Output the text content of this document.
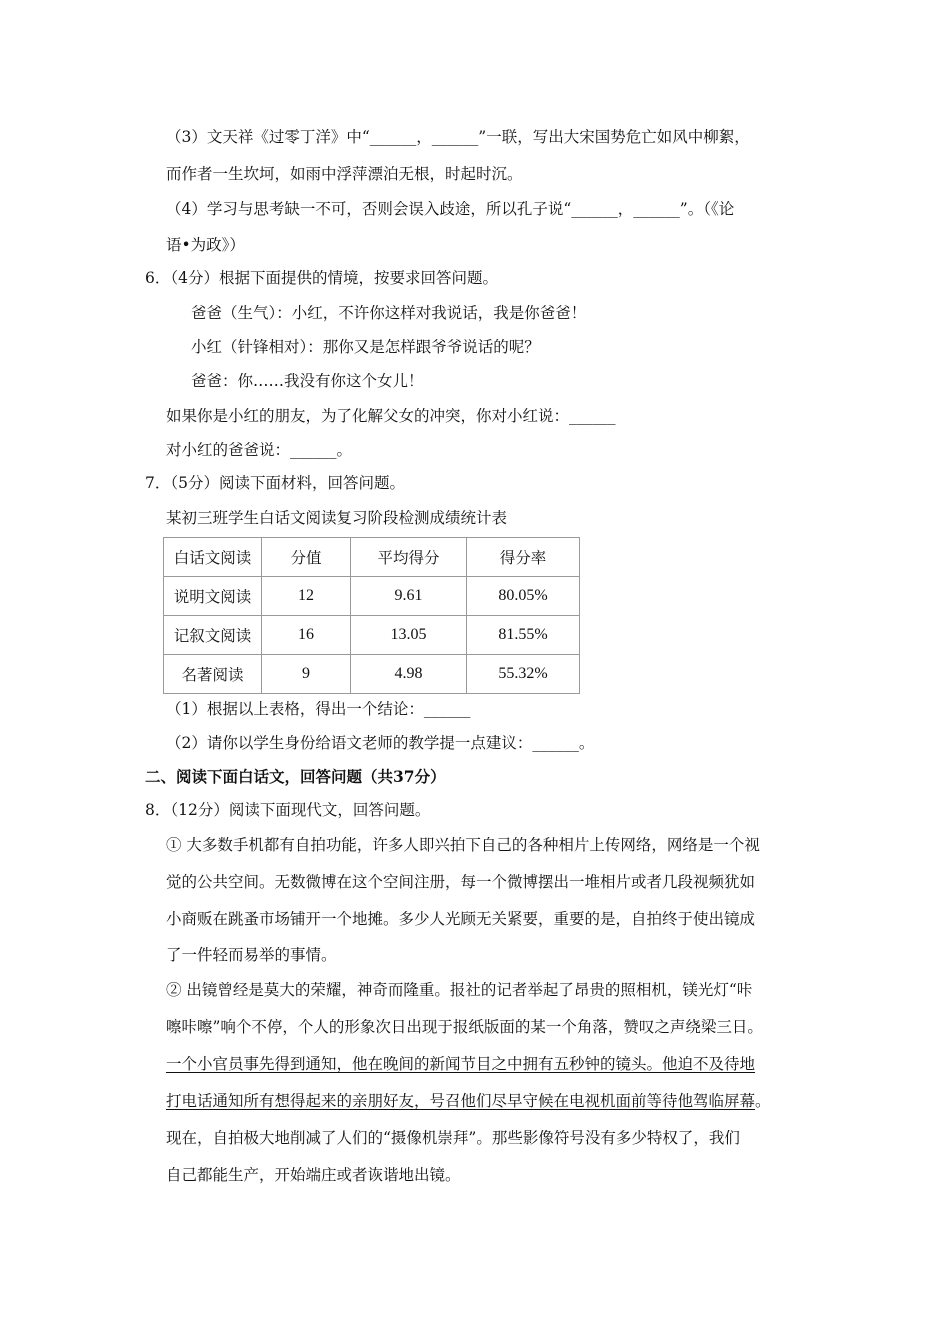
（3）文天祥《过零丁洋》中“______，______”一联，写出大宋国势危亡如风中柳絮，
而作者一生坎坷，如雨中浮萍漂泊无根，时起时沉。
（4）学习与思考缺一不可，否则会误入歧途，所以孔子说“______，______”。（《论
语•为政》）
6．（4分）根据下面提供的情境，按要求回答问题。
爸爸（生气）：小红，不许你这样对我说话，我是你爸爸！
小红（针锋相对）：那你又是怎样跟爷爷说话的呢？
爸爸：你……我没有你这个女儿！
如果你是小红的朋友，为了化解父女的冲突，你对小红说：______
对小红的爸爸说：______。
7．（5分）阅读下面材料，回答问题。
某初三班学生白话文阅读复习阶段检测成绩统计表
白话文阅读	分值	平均得分	得分率
说明文阅读	12	9.61	80.05%
记叙文阅读	16	13.05	81.55%
名著阅读	9	4.98	55.32%
（1）根据以上表格，得出一个结论：______
（2）请你以学生身份给语文老师的教学提一点建议：______。
二、阅读下面白话文，回答问题（共37分）
8．（12分）阅读下面现代文，回答问题。
① 大多数手机都有自拍功能，许多人即兴拍下自己的各种相片上传网络，网络是一个视
觉的公共空间。无数微博在这个空间注册，每一个微博摆出一堆相片或者几段视频犹如
小商贩在跳蚤市场铺开一个地摊。多少人光顾无关紧要，重要的是，自拍终于使出镜成
了一件轻而易举的事情。
② 出镜曾经是莫大的荣耀，神奇而隆重。报社的记者举起了昂贵的照相机，镁光灯“咔
嚓咔嚓”响个不停，个人的形象次日出现于报纸版面的某一个角落，赞叹之声绕梁三日。
一个小官员事先得到通知，他在晚间的新闻节目之中拥有五秒钟的镜头。他迫不及待地
打电话通知所有想得起来的亲朋好友，号召他们尽早守候在电视机面前等待他驾临屏幕。
现在，自拍极大地削减了人们的“摄像机崇拜”。那些影像符号没有多少特权了，我们
自己都能生产，开始端庄或者诙谐地出镜。
